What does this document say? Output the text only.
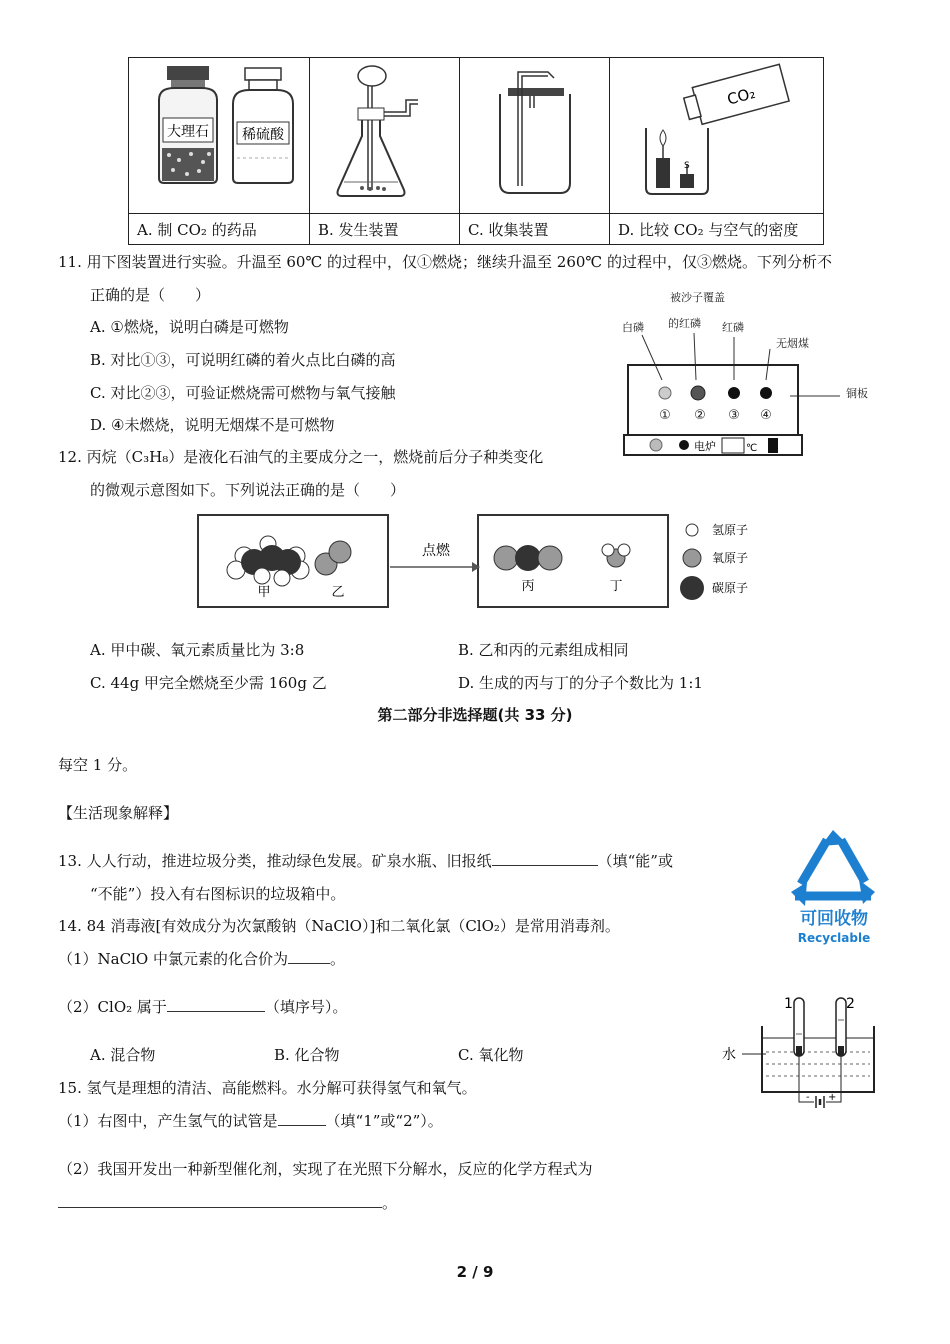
大理石 稀硫酸			CO₂
S

A. 制 CO₂ 的药品	B. 发生装置	C. 收集装置	D. 比较 CO₂ 与空气的密度
11. 用下图装置进行实验。升温至 60℃ 的过程中，仅①燃烧；继续升温至 260℃ 的过程中，仅③燃烧。下列分析不
正确的是（　　）
A. ①燃烧，说明白磷是可燃物
B. 对比①③，可说明红磷的着火点比白磷的高
C. 对比②③，可验证燃烧需可燃物与氧气接触
D. ④未燃烧，说明无烟煤不是可燃物
被沙子覆盖
的红磷
白磷	红磷
无烟煤
铜板
① ② ③ ④
电炉	℃
12. 丙烷（C₃H₈）是液化石油气的主要成分之一，燃烧前后分子种类变化
的微观示意图如下。下列说法正确的是（　　）
点燃
甲	乙	丙	丁
氢原子
氧原子
碳原子
A. 甲中碳、氧元素质量比为 3:8	B. 乙和丙的元素组成相同
C. 44g 甲完全燃烧至少需 160g 乙	D. 生成的丙与丁的分子个数比为 1:1
第二部分非选择题(共 33 分)
每空 1 分。
【生活现象解释】
13. 人人行动，推进垃圾分类，推动绿色发展。矿泉水瓶、旧报纸	（填“能”或
“不能”）投入有右图标识的垃圾箱中。
可回收物
Recyclable
14. 84 消毒液[有效成分为次氯酸钠（NaClO）]和二氧化氯（ClO₂）是常用消毒剂。
（1）NaClO 中氯元素的化合价为	。
（2）ClO₂ 属于	（填序号）。
A. 混合物	B. 化合物	C. 氧化物
1	2
水
- +
15. 氢气是理想的清洁、高能燃料。水分解可获得氢气和氧气。
（1）右图中，产生氢气的试管是	（填“1”或“2”）。
（2）我国开发出一种新型催化剂，实现了在光照下分解水，反应的化学方程式为
。
2 / 9
